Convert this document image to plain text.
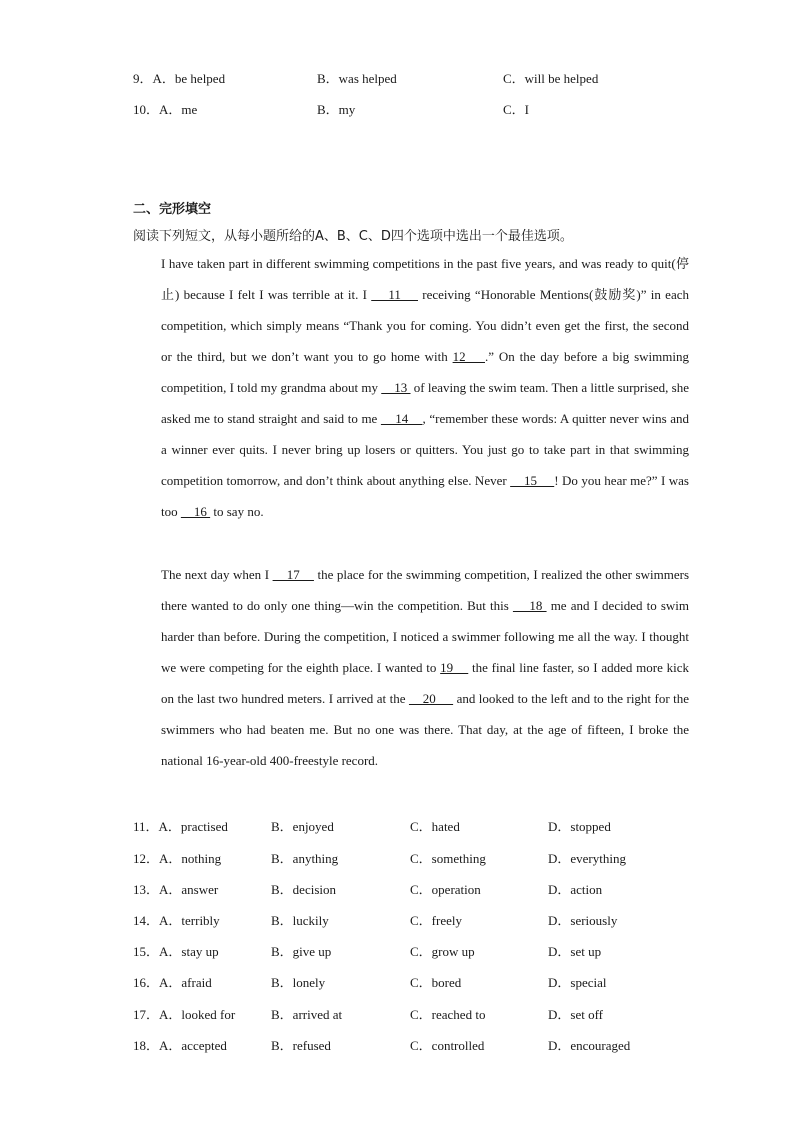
9．A．be helped	B．was helped	C．will be helped
10．A．me	B．my	C．I
二、完形填空
阅读下列短文，从每小题所给的A、B、C、D四个选项中选出一个最佳选项。
I have taken part in different swimming competitions in the past five years, and was ready to quit(停止) because I felt I was terrible at it. I     11     receiving “Honorable Mentions(鼓励奖)” in each competition, which simply means “Thank you for coming. You didn’t even get the first, the second or the third, but we don’t want you to go home with 12    .” On the day before a big swimming competition, I told my grandma about my     13  of leaving the swim team. Then a little surprised, she asked me to stand straight and said to me     14    , “remember these words: A quitter never wins and a winner ever quits. I never bring up losers or quitters. You just go to take part in that swimming competition tomorrow, and don’t think about anything else. Never     15     ! Do you hear me?” I was too     16  to say no.
The next day when I     17     the place for the swimming competition, I realized the other swimmers there wanted to do only one thing—win the competition. But this     18  me and I decided to swim harder than before. During the competition, I noticed a swimmer following me all the way. I thought we were competing for the eighth place. I wanted to 19     the final line faster, so I added more kick on the last two hundred meters. I arrived at the     20      and looked to the left and to the right for the swimmers who had beaten me. But no one was there. That day, at the age of fifteen, I broke the national 16-year-old 400-freestyle record.
11．A．practised	B．enjoyed	C．hated	D．stopped
12．A．nothing	B．anything	C．something	D．everything
13．A．answer	B．decision	C．operation	D．action
14．A．terribly	B．luckily	C．freely	D．seriously
15．A．stay up	B．give up	C．grow up	D．set up
16．A．afraid	B．lonely	C．bored	D．special
17．A．looked for	B．arrived at	C．reached to	D．set off
18．A．accepted	B．refused	C．controlled	D．encouraged
